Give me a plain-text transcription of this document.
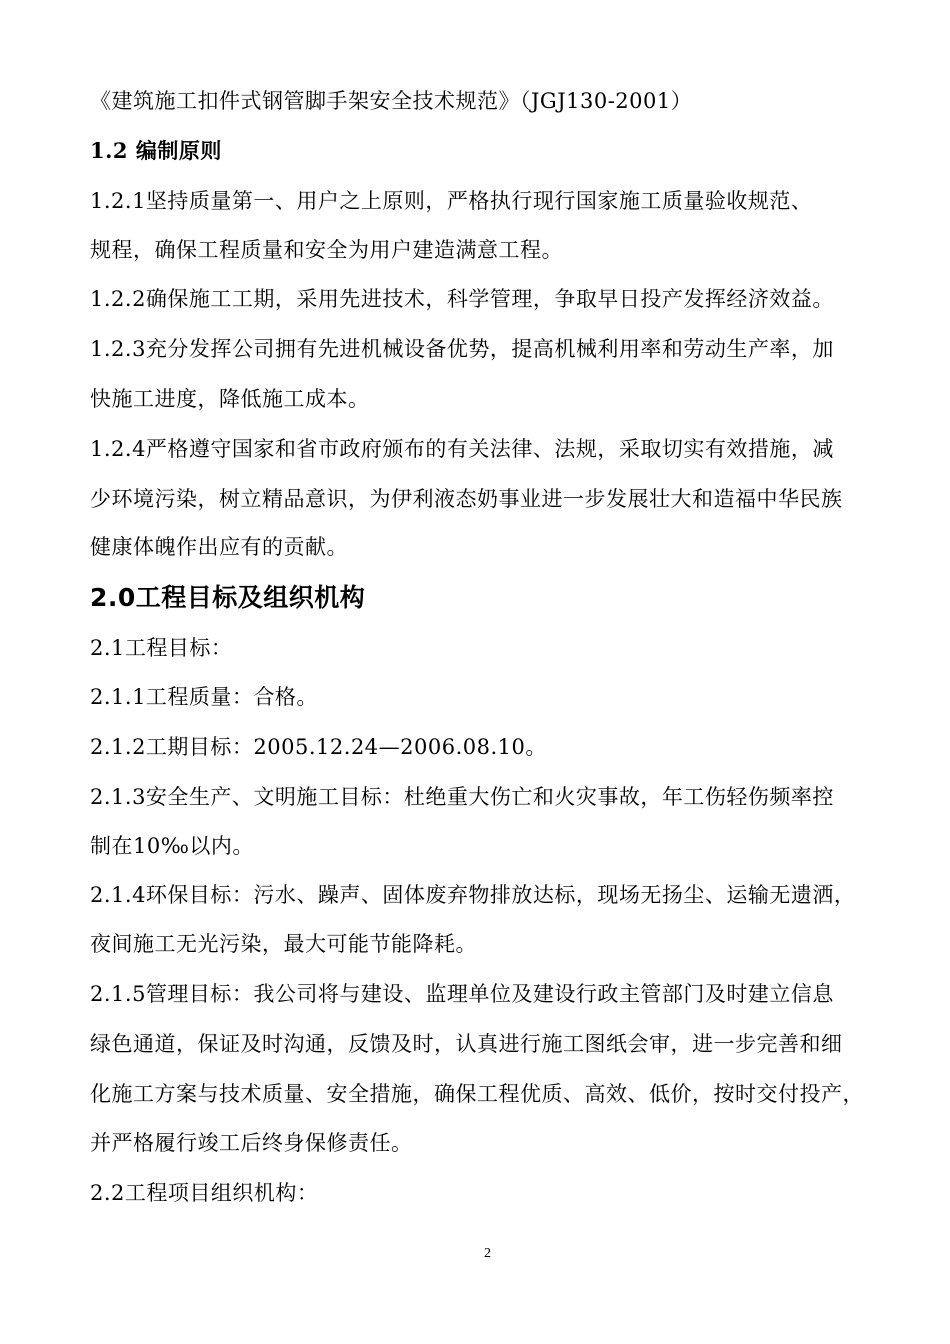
《建筑施工扣件式钢管脚手架安全技术规范》（JGJ130-2001）
1.2 编制原则
1.2.1坚持质量第一、用户之上原则，严格执行现行国家施工质量验收规范、
规程，确保工程质量和安全为用户建造满意工程。
1.2.2确保施工工期，采用先进技术，科学管理，争取早日投产发挥经济效益。
1.2.3充分发挥公司拥有先进机械设备优势，提高机械利用率和劳动生产率，加
快施工进度，降低施工成本。
1.2.4严格遵守国家和省市政府颁布的有关法律、法规，采取切实有效措施，减
少环境污染，树立精品意识，为伊利液态奶事业进一步发展壮大和造福中华民族
健康体魄作出应有的贡献。
2.0工程目标及组织机构
2.1工程目标：
2.1.1工程质量：合格。
2.1.2工期目标：2005.12.24—2006.08.10。
2.1.3安全生产、文明施工目标：杜绝重大伤亡和火灾事故，年工伤轻伤频率控
制在10‰以内。
2.1.4环保目标：污水、躁声、固体废弃物排放达标，现场无扬尘、运输无遗洒，
夜间施工无光污染，最大可能节能降耗。
2.1.5管理目标：我公司将与建设、监理单位及建设行政主管部门及时建立信息
绿色通道，保证及时沟通，反馈及时，认真进行施工图纸会审，进一步完善和细
化施工方案与技术质量、安全措施，确保工程优质、高效、低价，按时交付投产，
并严格履行竣工后终身保修责任。
2.2工程项目组织机构：
2
